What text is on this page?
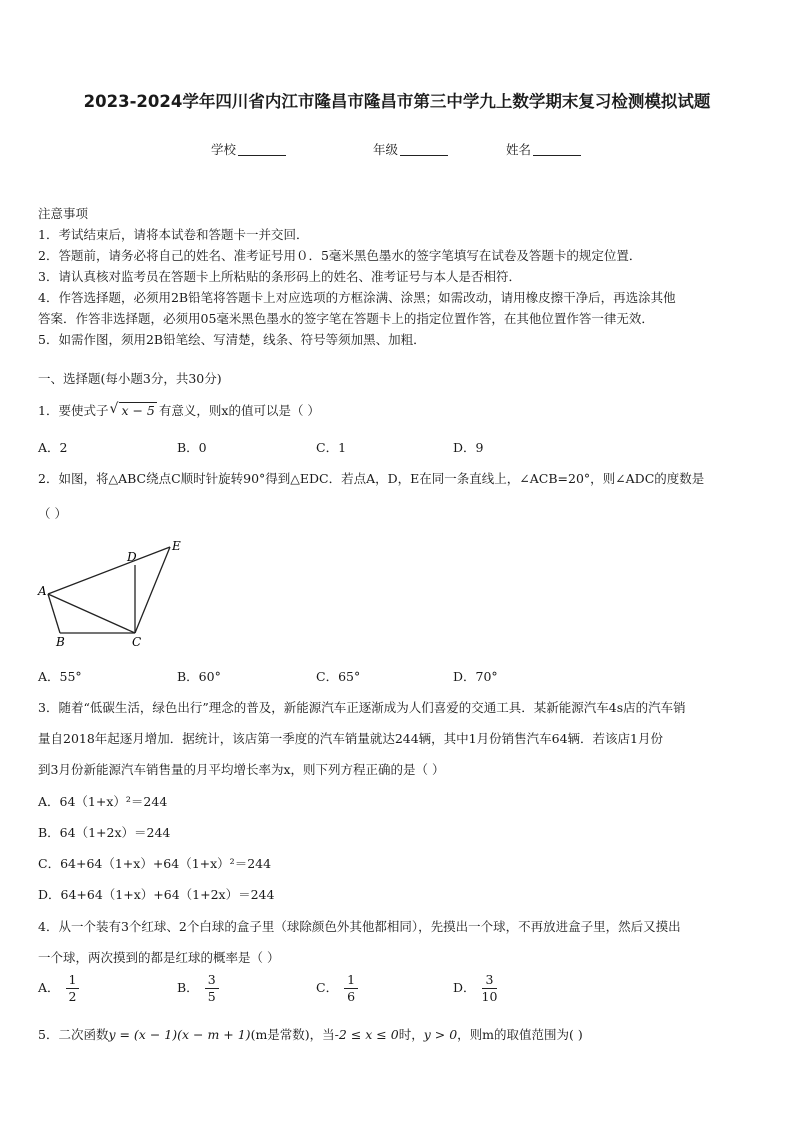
2023-2024学年四川省内江市隆昌市隆昌市第三中学九上数学期末复习检测模拟试题
学校	年级	姓名
注意事项
1．考试结束后，请将本试卷和答题卡一并交回．
2．答题前，请务必将自己的姓名、准考证号用０．5毫米黑色墨水的签字笔填写在试卷及答题卡的规定位置．
3．请认真核对监考员在答题卡上所粘贴的条形码上的姓名、准考证号与本人是否相符．
4．作答选择题，必须用2B铅笔将答题卡上对应选项的方框涂满、涂黑；如需改动，请用橡皮擦干净后，再选涂其他
答案．作答非选择题，必须用05毫米黑色墨水的签字笔在答题卡上的指定位置作答，在其他位置作答一律无效．
5．如需作图，须用2B铅笔绘、写清楚，线条、符号等须加黑、加粗．
一、选择题(每小题3分，共30分)
1．要使式子√ x − 5 有意义，则x的值可以是（ ）
A．2	B．0	C．1	D．9
2．如图，将△ABC绕点C顺时针旋转90°得到△EDC．若点A，D，E在同一条直线上，∠ACB=20°，则∠ADC的度数是
（ ）
A
B	C
D
E
A．55°	B．60°	C．65°	D．70°
3．随着“低碳生活，绿色出行”理念的普及，新能源汽车正逐渐成为人们喜爱的交通工具．某新能源汽车4s店的汽车销
量自2018年起逐月增加．据统计，该店第一季度的汽车销量就达244辆，其中1月份销售汽车64辆．若该店1月份
到3月份新能源汽车销售量的月平均增长率为x，则下列方程正确的是（ ）
A．64（1+x）²＝244
B．64（1+2x）＝244
C．64+64（1+x）+64（1+x）²＝244
D．64+64（1+x）+64（1+2x）＝244
4．从一个装有3个红球、2个白球的盒子里（球除颜色外其他都相同），先摸出一个球，不再放进盒子里，然后又摸出
一个球，两次摸到的都是红球的概率是（ ）
A． $\frac{1}{2}$	B． $\frac{3}{5}$	C． $\frac{1}{6}$	D． $\frac{3}{10}$
5．二次函数y = (x − 1)(x − m + 1)(m是常数)，当-2 ≤ x ≤ 0时，y > 0，则m的取值范围为( )
